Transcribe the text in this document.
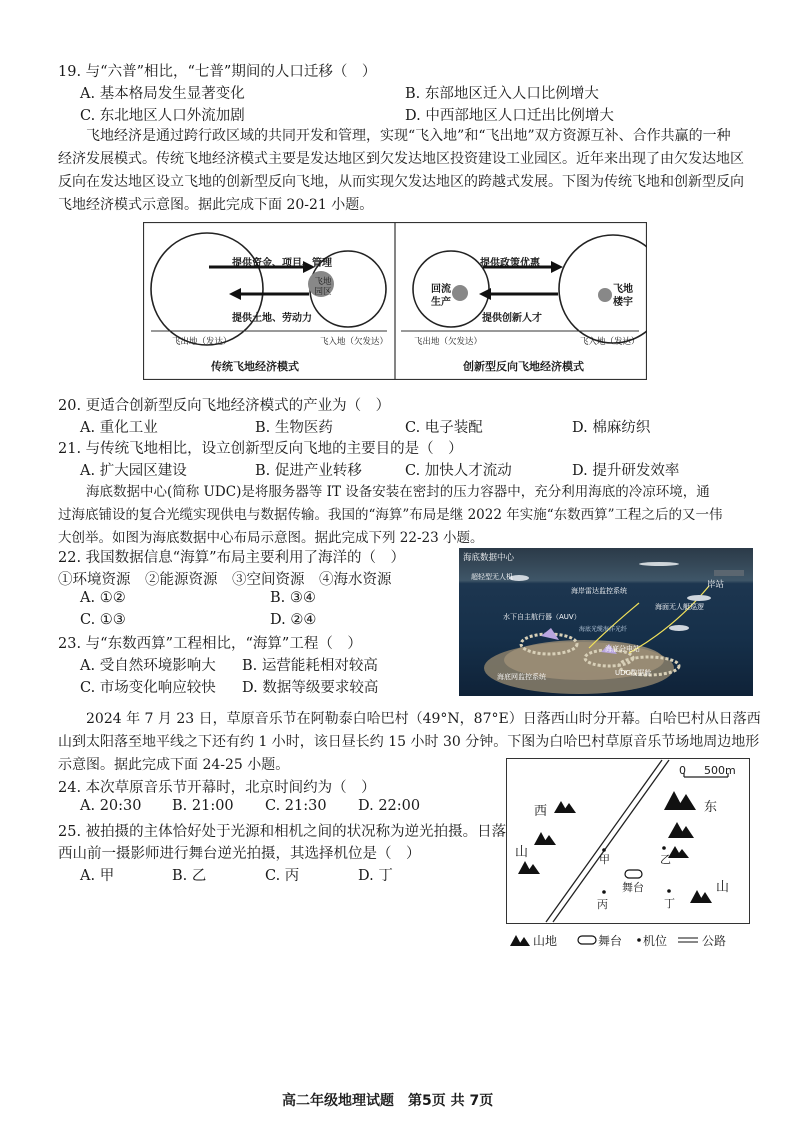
19. 与“六普”相比，“七普”期间的人口迁移（　）
A. 基本格局发生显著变化	B. 东部地区迁入人口比例增大
C. 东北地区人口外流加剧	D. 中西部地区人口迁出比例增大
飞地经济是通过跨行政区域的共同开发和管理，实现“飞入地”和“飞出地”双方资源互补、合作共赢的一种
经济发展模式。传统飞地经济模式主要是发达地区到欠发达地区投资建设工业园区。近年来出现了由欠发达地区
反向在发达地区设立飞地的创新型反向飞地，从而实现欠发达地区的跨越式发展。下图为传统飞地和创新型反向
飞地经济模式示意图。据此完成下面 20-21 小题。
提供资金、项目、管理
提供土地、劳动力
飞地园区
飞出地（发达）	飞入地（欠发达）
传统飞地经济模式
提供政策优惠
提供创新人才
回流
生产
飞地
楼宇
飞出地（欠发达）	飞入地（发达）
创新型反向飞地经济模式
20. 更适合创新型反向飞地经济模式的产业为（　）
A. 重化工业	B. 生物医药	C. 电子装配	D. 棉麻纺织
21. 与传统飞地相比，设立创新型反向飞地的主要目的是（　）
A. 扩大园区建设	B. 促进产业转移	C. 加快人才流动	D. 提升研发效率
海底数据中心(简称 UDC)是将服务器等 IT 设备安装在密封的压力容器中，充分利用海底的冷凉环境，通
过海底铺设的复合光缆实现供电与数据传输。我国的“海算”布局是继 2022 年实施“东数西算”工程之后的又一伟
大创举。如图为海底数据中心布局示意图。据此完成下列 22-23 小题。
22. 我国数据信息“海算”布局主要利用了海洋的（　）
①环境资源　②能源资源　③空间资源　④海水资源
A. ①②	B. ③④
C. ①③	D. ②④
23. 与“东数西算”工程相比，“海算”工程（　）
A. 受自然环境影响大 B. 运营能耗相对较高
C. 市场变化响应较快 D. 数据等级要求较高
海底数据中心
岸站
超轻型无人机
海岸雷达监控系统
海面无人艇巡逻
水下自主航行器（AUV）
海底光缆海洋光纤
海底分电站
UDC数据舱
海底网监控系统
2024 年 7 月 23 日，草原音乐节在阿勒泰白哈巴村（49°N，87°E）日落西山时分开幕。白哈巴村从日落西
山到太阳落至地平线之下还有约 1 小时，该日昼长约 15 小时 30 分钟。下图为白哈巴村草原音乐节场地周边地形
示意图。据此完成下面 24-25 小题。
24. 本次草原音乐节开幕时，北京时间约为（　）
A. 20:30 B. 21:00 C. 21:30 D. 22:00
25. 被拍摄的主体恰好处于光源和相机之间的状况称为逆光拍摄。日落
西山前一摄影师进行舞台逆光拍摄，其选择机位是（　）
A. 甲	B. 乙	C. 丙	D. 丁
0 500m
西
山
东
山
甲	乙
丙	丁
舞台
山地	舞台 机位	公路
高二年级地理试题　第5页 共 7页
